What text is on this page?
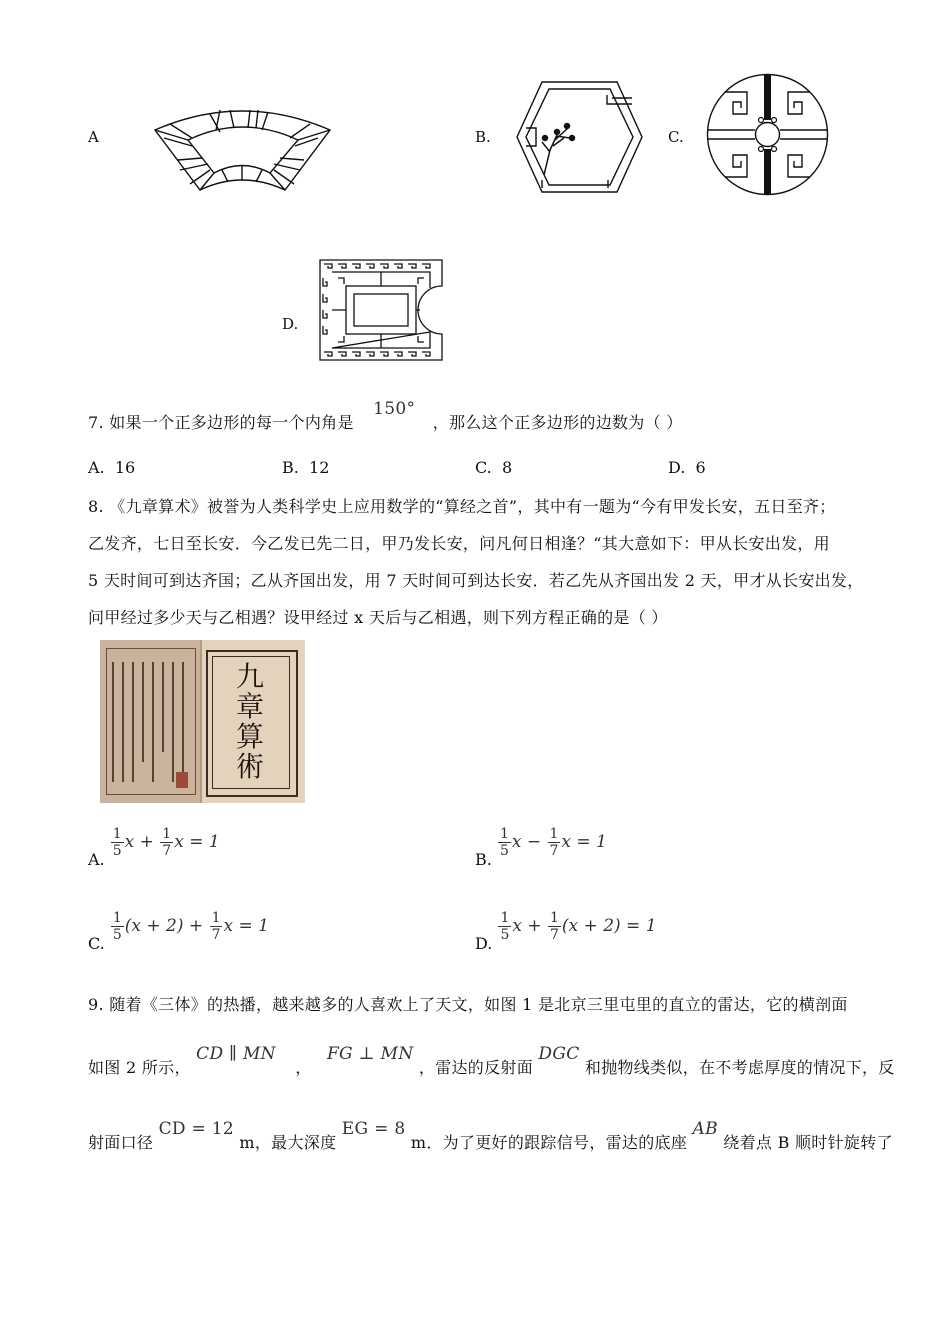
A	B.	C.
D.
7. 如果一个正多边形的每一个内角是 150° ，那么这个正多边形的边数为（ ）
A. 16	B. 12	C. 8	D. 6
8. 《九章算术》被誉为人类科学史上应用数学的“算经之首”，其中有一题为“今有甲发长安，五日至齐；
乙发齐，七日至长安．今乙发已先二日，甲乃发长安，问凡何日相逢？“其大意如下：甲从长安出发，用
5 天时间可到达齐国；乙从齐国出发，用 7 天时间可到达长安．若乙先从齐国出发 2 天，甲才从长安出发，
问甲经过多少天与乙相遇？设甲经过 x 天后与乙相遇，则下列方程正确的是（ ）
九章算術
A.
$\frac{1}{5}$ $x + \frac{1}{7}$ x = 1
B.
$\frac{1}{5}$ $x - \frac{1}{7}$ x = 1
C.
$\frac{1}{5} (x + 2) + \frac{1}{7}$ x = 1
D.
$\frac{1}{5}$ $x + \frac{1}{7} (x + 2) = 1$
9. 随着《三体》的热播，越来越多的人喜欢上了天文，如图 1 是北京三里屯里的直立的雷达，它的横剖面
如图 2 所示， CD ∥ MN ， FG ⊥ MN ，雷达的反射面 DGC 和抛物线类似，在不考虑厚度的情况下，反
射面口径 CD = 12 m，最大深度 EG = 8 m．为了更好的跟踪信号，雷达的底座 AB 绕着点 B 顺时针旋转了
